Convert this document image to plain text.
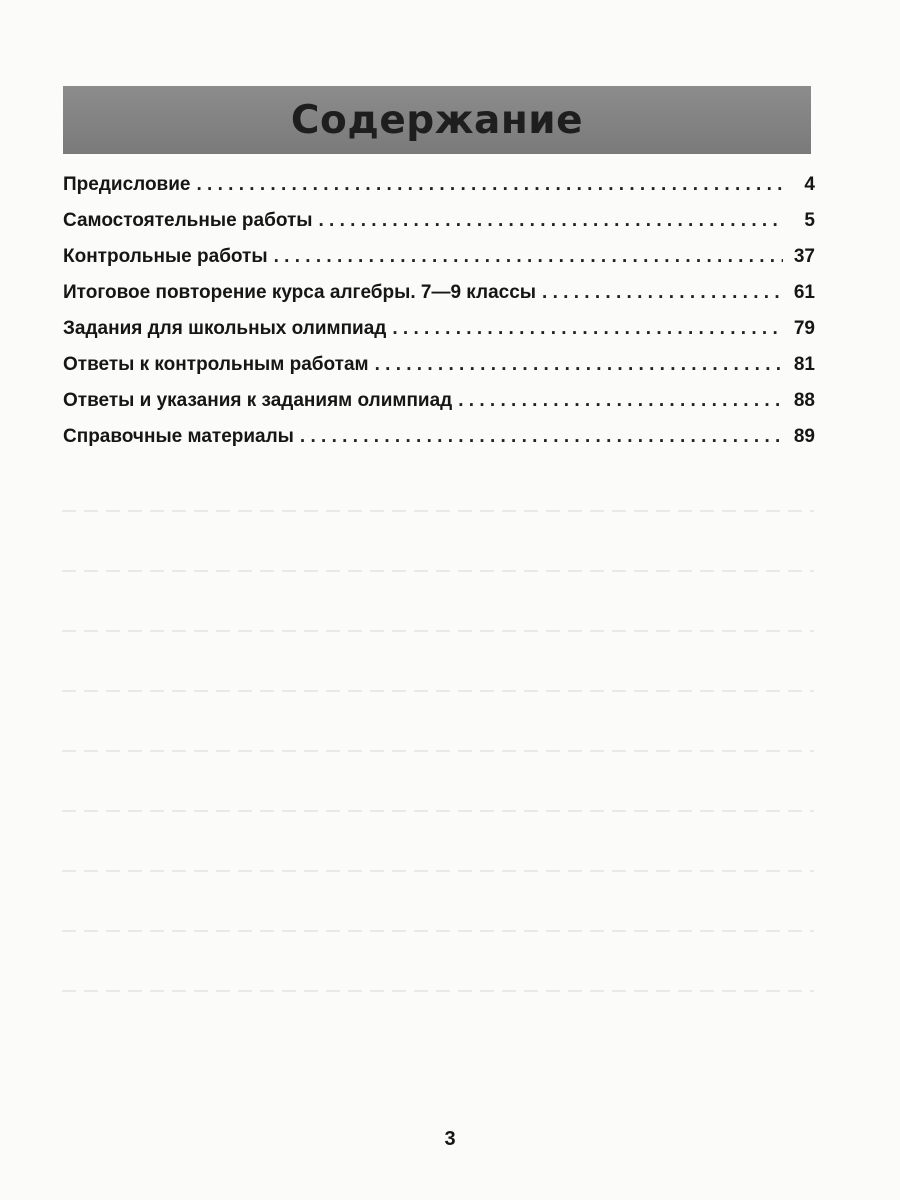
Содержание
Предисловие . . .	4
Самостоятельные работы . . .	5
Контрольные работы . . .	37
Итоговое повторение курса алгебры. 7—9 классы . . .	61
Задания для школьных олимпиад . . .	79
Ответы к контрольным работам . . .	81
Ответы и указания к заданиям олимпиад . . .	88
Справочные материалы . . .	89
3
